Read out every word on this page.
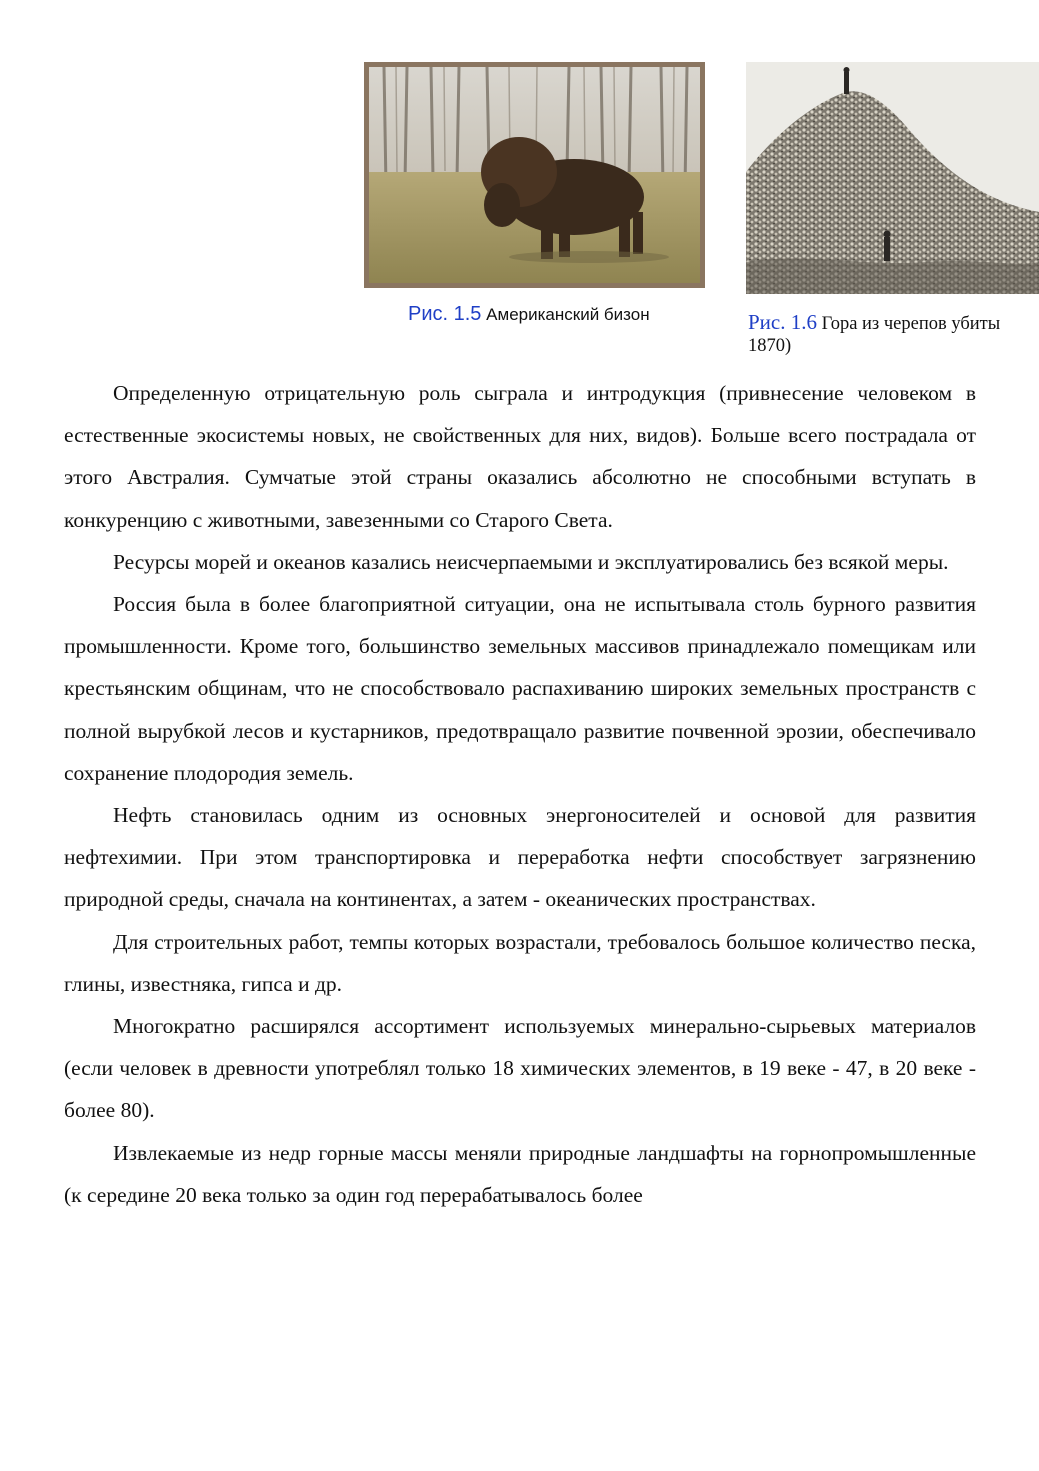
Рис. 1.5 Американский бизон	Рис. 1.6 Гора из черепов убиты
1870)

Определенную отрицательную роль сыграла и интродукция (привнесение человеком в естественные экосистемы новых, не свойственных для них, видов). Больше всего пострадала от этого Австралия. Сумчатые этой страны оказались абсолютно не способными вступать в конкуренцию с животными, завезенными со Старого Света.

Ресурсы морей и океанов казались неисчерпаемыми и эксплуатировались без всякой меры.

Россия была в более благоприятной ситуации, она не испытывала столь бурного развития промышленности. Кроме того, большинство земельных массивов принадлежало помещикам или крестьянским общинам, что не способствовало распахиванию широких земельных пространств с полной вырубкой лесов и кустарников, предотвращало развитие почвенной эрозии, обеспечивало сохранение плодородия земель.

Нефть становилась одним из основных энергоносителей и основой для развития нефтехимии. При этом транспортировка и переработка нефти способствует загрязнению природной среды, сначала на континентах, а затем - океанических пространствах.

Для строительных работ, темпы которых возрастали, требовалось большое количество песка, глины, известняка, гипса и др.

Многократно расширялся ассортимент используемых минерально-сырьевых материалов (если человек в древности употреблял только 18 химических элементов, в 19 веке - 47, в 20 веке - более 80).

Извлекаемые из недр горные массы меняли природные ландшафты на горнопромышленные (к середине 20 века только за один год перерабатывалось более
